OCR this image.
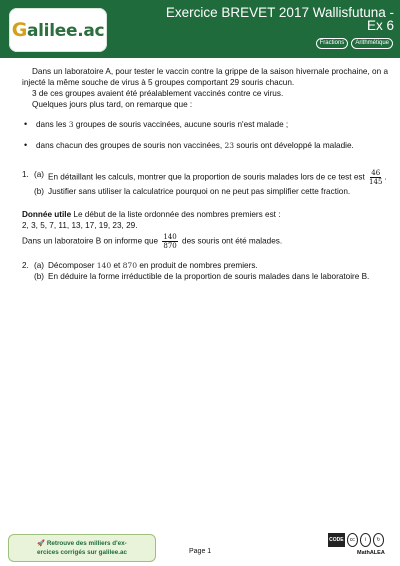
Galilee.ac
Exercice BREVET 2017 Wallisfutuna - Ex 6
Fractions	Arithmétique

Dans un laboratoire A, pour tester le vaccin contre la grippe de la saison hivernale prochaine, on a injecté la même souche de virus à 5 groupes comportant 29 souris chacun.

3 de ces groupes avaient été préalablement vaccinés contre ce virus.

Quelques jours plus tard, on remarque que :

• dans les 3 groupes de souris vaccinées, aucune souris n'est malade ;
• dans chacun des groupes de souris non vaccinées, 23 souris ont développé la maladie.
1. (a) En détaillant les calculs, montrer que la proportion de souris malades lors de ce test est $\frac{46}{145}$ .
(b) Justifier sans utiliser la calculatrice pourquoi on ne peut pas simplifier cette fraction.
Donnée utile Le début de la liste ordonnée des nombres premiers est :
2, 3, 5, 7, 11, 13, 17, 19, 23, 29.
Dans un laboratoire B on informe que $\frac{140}{870}$ des souris ont été malades.
2. (a) Décomposer 140 et 870 en produit de nombres premiers.
(b) En déduire la forme irréductible de la proportion de souris malades dans le laboratoire B.
🚀 Retrouve des milliers d'ex-
ercices corrigés sur galilee.ac	Page 1
CODE	cc	i	↻
MathALEA
